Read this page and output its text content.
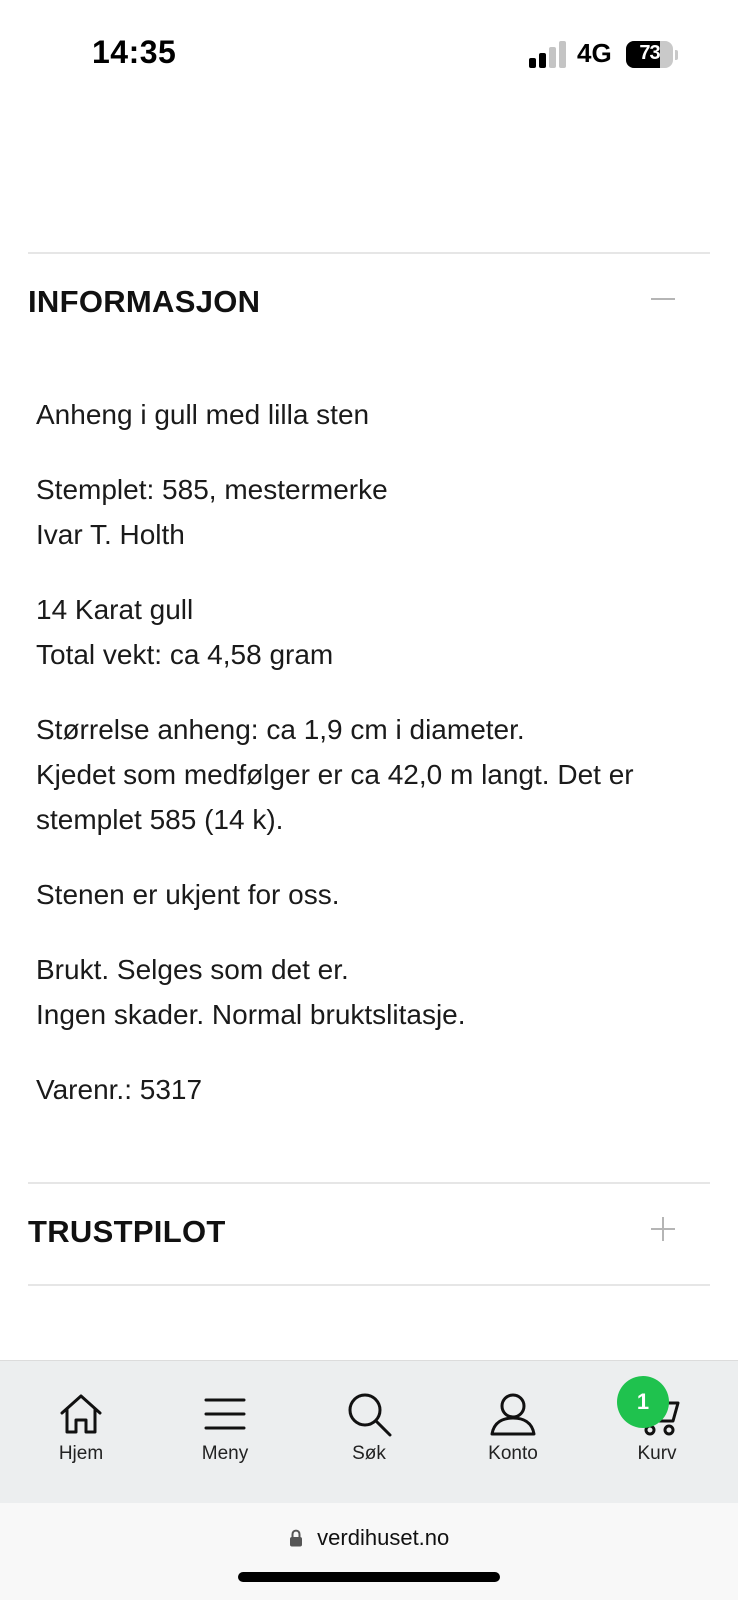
14:35	4G	73
INFORMASJON

Anheng i gull med lilla sten

Stemplet: 585, mestermerke
Ivar T. Holth

14 Karat gull
Total vekt: ca 4,58 gram

Størrelse anheng: ca 1,9 cm i diameter.
Kjedet som medfølger er ca 42,0 m langt. Det er stemplet 585 (14 k).

Stenen er ukjent for oss.

Brukt. Selges som det er.
Ingen skader. Normal bruktslitasje.

Varenr.: 5317

TRUSTPILOT
Hjem	Meny	Søk	Konto	Kurv
1
verdihuset.no
